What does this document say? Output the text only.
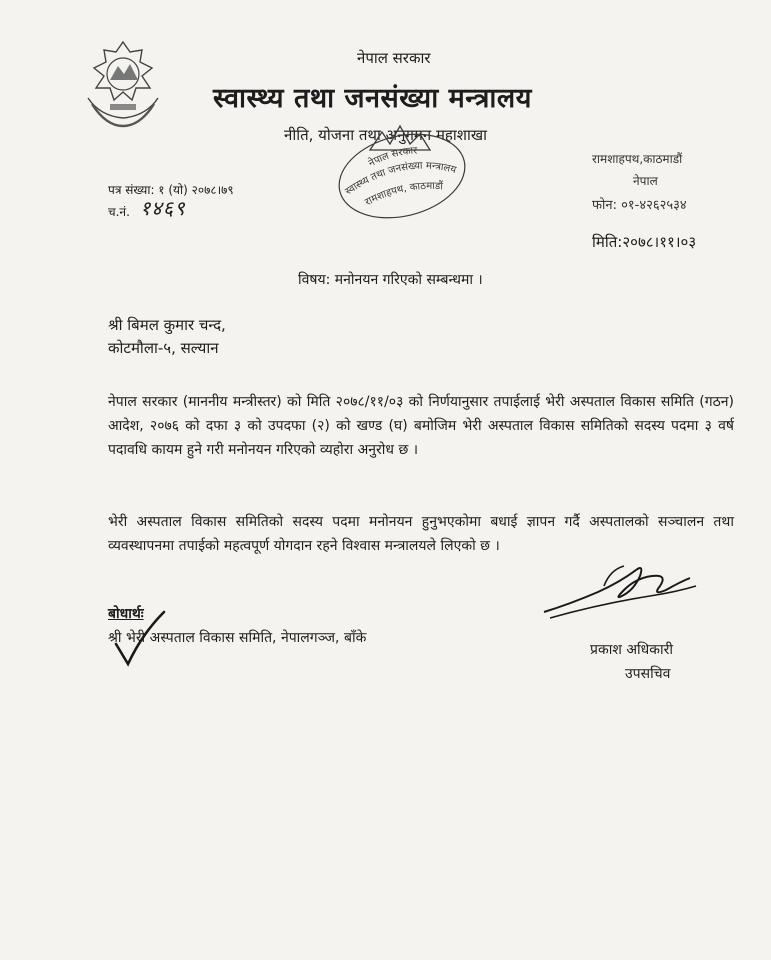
नेपाल सरकार
स्वास्थ्य तथा जनसंख्या मन्त्रालय
नीति, योजना तथा अनुगमन महाशाखा
नेपाल सरकार
स्वास्थ्य तथा जनसंख्या मन्त्रालय
रामशाहपथ, काठमाडौं
रामशाहपथ,काठमाडौं
नेपाल
फोन: ०१-४२६२५३४
पत्र संख्या: १ (यो) २०७८।७९
च.नं. १४६९
मिति:२०७८।११।०३
विषय: मनोनयन गरिएको सम्बन्धमा ।
श्री बिमल कुमार चन्द,
कोटमौला-५, सल्यान
नेपाल सरकार (माननीय मन्त्रीस्तर) को मिति २०७८/११/०३ को निर्णयानुसार तपाईलाई भेरी अस्पताल विकास समिति (गठन) आदेश, २०७६ को दफा ३ को उपदफा (२) को खण्ड (घ) बमोजिम भेरी अस्पताल विकास समितिको सदस्य पदमा ३ वर्ष पदावधि कायम हुने गरी मनोनयन गरिएको व्यहोरा अनुरोध छ ।
भेरी अस्पताल विकास समितिको सदस्य पदमा मनोनयन हुनुभएकोमा बधाई ज्ञापन गर्दै अस्पतालको सञ्चालन तथा व्यवस्थापनमा तपाईको महत्वपूर्ण योगदान रहने विश्वास मन्त्रालयले लिएको छ ।
प्रकाश अधिकारी
उपसचिव
बोधार्थः
श्री भेरी अस्पताल विकास समिति, नेपालगञ्ज, बाँके
